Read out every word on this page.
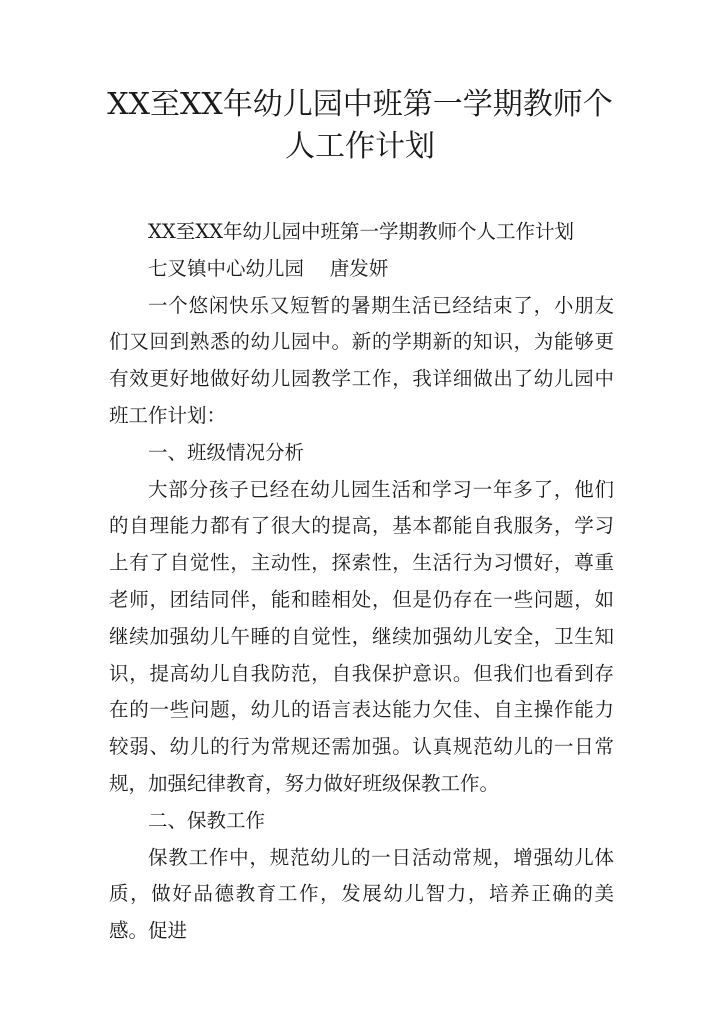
XX至XX年幼儿园中班第一学期教师个人工作计划

XX至XX年幼儿园中班第一学期教师个人工作计划

七叉镇中心幼儿园　 唐发妍

一个悠闲快乐又短暂的暑期生活已经结束了，小朋友们又回到熟悉的幼儿园中。新的学期新的知识，为能够更有效更好地做好幼儿园教学工作，我详细做出了幼儿园中班工作计划：

一、班级情况分析

大部分孩子已经在幼儿园生活和学习一年多了，他们的自理能力都有了很大的提高，基本都能自我服务，学习上有了自觉性，主动性，探索性，生活行为习惯好，尊重老师，团结同伴，能和睦相处，但是仍存在一些问题，如继续加强幼儿午睡的自觉性，继续加强幼儿安全，卫生知识，提高幼儿自我防范，自我保护意识。但我们也看到存在的一些问题，幼儿的语言表达能力欠佳、自主操作能力较弱、幼儿的行为常规还需加强。认真规范幼儿的一日常规，加强纪律教育，努力做好班级保教工作。

二、保教工作

保教工作中，规范幼儿的一日活动常规，增强幼儿体质，做好品德教育工作，发展幼儿智力，培养正确的美感。促进
